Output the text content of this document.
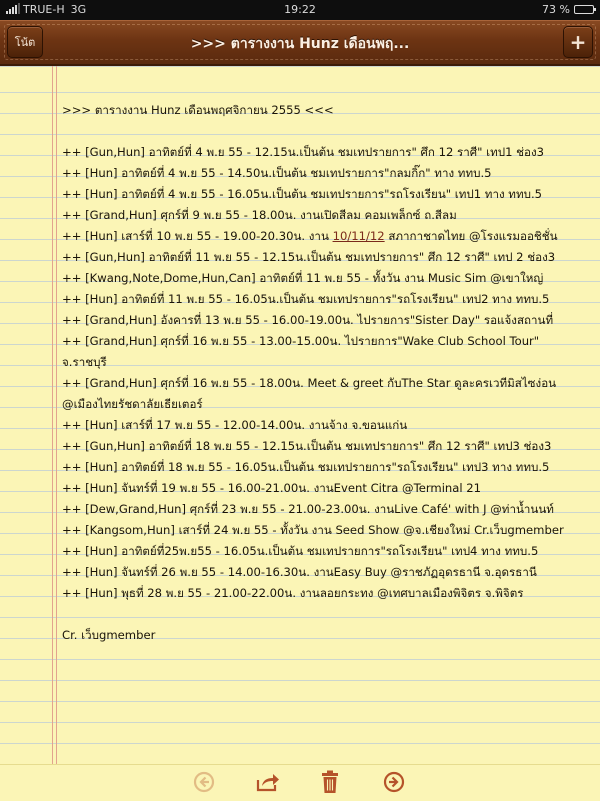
TRUE-H 3G	19:22	73 %
โน้ต	>>> ตารางงาน Hunz เดือนพฤ...	+
>>> ตารางงาน Hunz เดือนพฤศจิกายน 2555 <<<
++ [Gun,Hun] อาทิตย์ที่ 4 พ.ย 55 - 12.15น.เป็นต้น ชมเทปรายการ" ศึก 12 ราศี" เทป1 ช่อง3
++ [Hun] อาทิตย์ที่ 4 พ.ย 55 - 14.50น.เป็นต้น ชมเทปรายการ"กลมกิ๊ก" ทาง ททบ.5
++ [Hun] อาทิตย์ที่ 4 พ.ย 55 - 16.05น.เป็นต้น ชมเทปรายการ"รถโรงเรียน" เทป1 ทาง ททบ.5
++ [Grand,Hun] ศุกร์ที่ 9 พ.ย 55 - 18.00น. งานเปิดสีลม คอมเพล็กซ์ ถ.สีลม
++ [Hun] เสาร์ที่ 10 พ.ย 55 - 19.00-20.30น. งาน 10/11/12 สภากาชาดไทย @โรงแรมออชิชั่น
++ [Gun,Hun] อาทิตย์ที่ 11 พ.ย 55 - 12.15น.เป็นต้น ชมเทปรายการ" ศึก 12 ราศี" เทป 2 ช่อง3
++ [Kwang,Note,Dome,Hun,Can] อาทิตย์ที่ 11 พ.ย 55 - ทั้งวัน งาน Music Sim @เขาใหญ่
++ [Hun] อาทิตย์ที่ 11 พ.ย 55 - 16.05น.เป็นต้น ชมเทปรายการ"รถโรงเรียน" เทป2 ทาง ททบ.5
++ [Grand,Hun] อังคารที่ 13 พ.ย 55 - 16.00-19.00น. ไปรายการ"Sister Day" รอแจ้งสถานที่
++ [Grand,Hun] ศุกร์ที่ 16 พ.ย 55 - 13.00-15.00น. ไปรายการ"Wake Club School Tour"
จ.ราชบุรี
++ [Grand,Hun] ศุกร์ที่ 16 พ.ย 55 - 18.00น. Meet & greet กับThe Star ดูละครเวทีมิสไซง่อน @เมืองไทยรัชดาลัยเธียเตอร์
++ [Hun] เสาร์ที่ 17 พ.ย 55 - 12.00-14.00น. งานจ้าง จ.ขอนแก่น
++ [Gun,Hun] อาทิตย์ที่ 18 พ.ย 55 - 12.15น.เป็นต้น ชมเทปรายการ" ศึก 12 ราศี" เทป3 ช่อง3
++ [Hun] อาทิตย์ที่ 18 พ.ย 55 - 16.05น.เป็นต้น ชมเทปรายการ"รถโรงเรียน" เทป3 ทาง ททบ.5
++ [Hun] จันทร์ที่ 19 พ.ย 55 - 16.00-21.00น. งานEvent Citra @Terminal 21
++ [Dew,Grand,Hun] ศุกร์ที่ 23 พ.ย 55 - 21.00-23.00น. งานLive Café' with J @ท่าน้ำนนท์
++ [Kangsom,Hun] เสาร์ที่ 24 พ.ย 55 - ทั้งวัน งาน Seed Show @จ.เชียงใหม่ Cr.เว็บgmember
++ [Hun] อาทิตย์ที่25พ.ย55 - 16.05น.เป็นต้น ชมเทปรายการ"รถโรงเรียน" เทป4 ทาง ททบ.5
++ [Hun] จันทร์ที่ 26 พ.ย 55 - 14.00-16.30น. งานEasy Buy @ราชภัฏอุดรธานี จ.อุดรธานี
++ [Hun] พุธที่ 28 พ.ย 55 - 21.00-22.00น. งานลอยกระทง @เทศบาลเมืองพิจิตร จ.พิจิตร
Cr. เว็บgmember
